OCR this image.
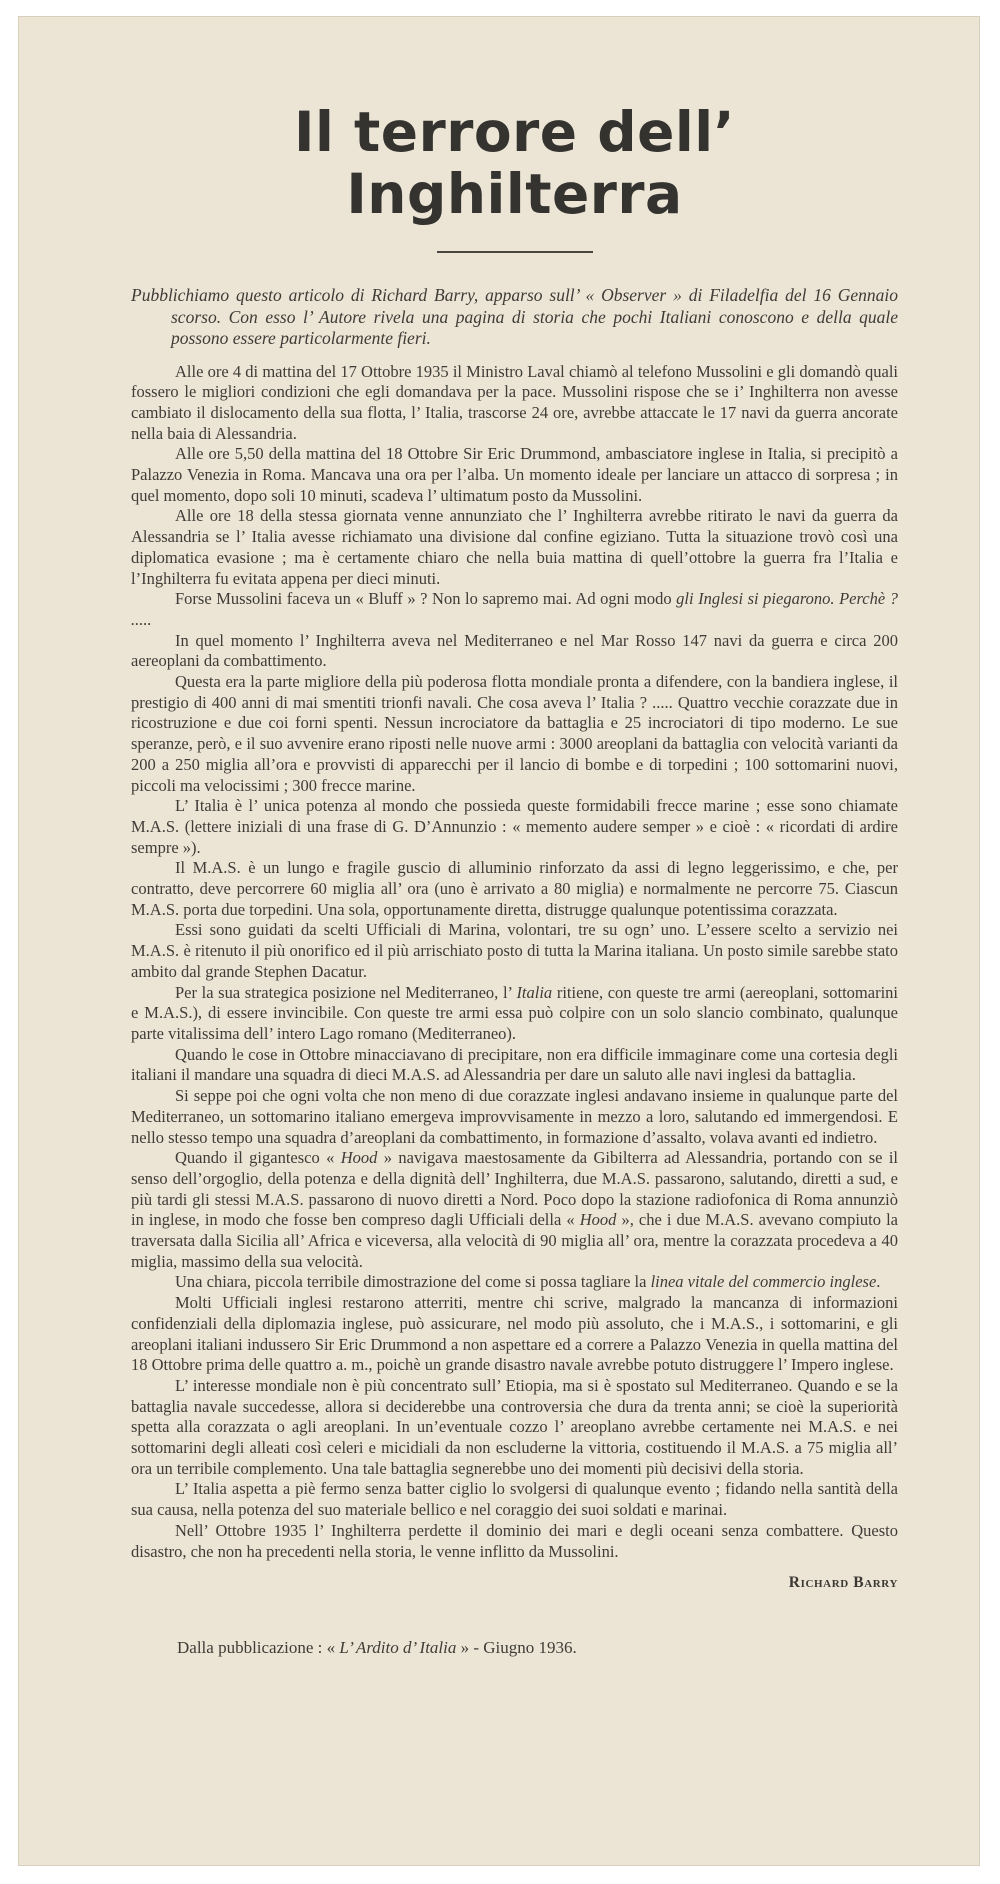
Il terrore dell’ Inghilterra

Pubblichiamo questo articolo di Richard Barry, apparso sull’ « Observer » di Filadelfia del 16 Gennaio scorso. Con esso l’ Autore rivela una pagina di storia che pochi Italiani conoscono e della quale possono essere particolarmente fieri.

Alle ore 4 di mattina del 17 Ottobre 1935 il Ministro Laval chiamò al telefono Mussolini e gli domandò quali fossero le migliori condizioni che egli domandava per la pace. Mussolini rispose che se i’ Inghilterra non avesse cambiato il dislocamento della sua flotta, l’ Italia, trascorse 24 ore, avrebbe attaccate le 17 navi da guerra ancorate nella baia di Alessandria.

Alle ore 5,50 della mattina del 18 Ottobre Sir Eric Drummond, ambasciatore inglese in Italia, si precipitò a Palazzo Venezia in Roma. Mancava una ora per l’alba. Un momento ideale per lanciare un attacco di sorpresa ; in quel momento, dopo soli 10 minuti, scadeva l’ ultimatum posto da Mussolini.

Alle ore 18 della stessa giornata venne annunziato che l’ Inghilterra avrebbe ritirato le navi da guerra da Alessandria se l’ Italia avesse richiamato una divisione dal confine egiziano. Tutta la situazione trovò così una diplomatica evasione ; ma è certamente chiaro che nella buia mattina di quell’ottobre la guerra fra l’Italia e l’Inghilterra fu evitata appena per dieci minuti.

Forse Mussolini faceva un « Bluff » ? Non lo sapremo mai. Ad ogni modo gli Inglesi si piegarono. Perchè ? .....

In quel momento l’ Inghilterra aveva nel Mediterraneo e nel Mar Rosso 147 navi da guerra e circa 200 aereoplani da combattimento.

Questa era la parte migliore della più poderosa flotta mondiale pronta a difendere, con la bandiera inglese, il prestigio di 400 anni di mai smentiti trionfi navali. Che cosa aveva l’ Italia ? ..... Quattro vecchie corazzate due in ricostruzione e due coi forni spenti. Nessun incrociatore da battaglia e 25 incrociatori di tipo moderno. Le sue speranze, però, e il suo avvenire erano riposti nelle nuove armi : 3000 areoplani da battaglia con velocità varianti da 200 a 250 miglia all’ora e provvisti di apparecchi per il lancio di bombe e di torpedini ; 100 sottomarini nuovi, piccoli ma velocissimi ; 300 frecce marine.

L’ Italia è l’ unica potenza al mondo che possieda queste formidabili frecce marine ; esse sono chiamate M.A.S. (lettere iniziali di una frase di G. D’Annunzio : « memento audere semper » e cioè : « ricordati di ardire sempre »).

Il M.A.S. è un lungo e fragile guscio di alluminio rinforzato da assi di legno leggerissimo, e che, per contratto, deve percorrere 60 miglia all’ ora (uno è arrivato a 80 miglia) e normalmente ne percorre 75. Ciascun M.A.S. porta due torpedini. Una sola, opportunamente diretta, distrugge qualunque potentissima corazzata.

Essi sono guidati da scelti Ufficiali di Marina, volontari, tre su ogn’ uno. L’essere scelto a servizio nei M.A.S. è ritenuto il più onorifico ed il più arrischiato posto di tutta la Marina italiana. Un posto simile sarebbe stato ambito dal grande Stephen Dacatur.

Per la sua strategica posizione nel Mediterraneo, l’ Italia ritiene, con queste tre armi (aereoplani, sottomarini e M.A.S.), di essere invincibile. Con queste tre armi essa può colpire con un solo slancio combinato, qualunque parte vitalissima dell’ intero Lago romano (Mediterraneo).

Quando le cose in Ottobre minacciavano di precipitare, non era difficile immaginare come una cortesia degli italiani il mandare una squadra di dieci M.A.S. ad Alessandria per dare un saluto alle navi inglesi da battaglia.

Si seppe poi che ogni volta che non meno di due corazzate inglesi andavano insieme in qualunque parte del Mediterraneo, un sottomarino italiano emergeva improvvisamente in mezzo a loro, salutando ed immergendosi. E nello stesso tempo una squadra d’areoplani da combattimento, in formazione d’assalto, volava avanti ed indietro.

Quando il gigantesco « Hood » navigava maestosamente da Gibilterra ad Alessandria, portando con se il senso dell’orgoglio, della potenza e della dignità dell’ Inghilterra, due M.A.S. passarono, salutando, diretti a sud, e più tardi gli stessi M.A.S. passarono di nuovo diretti a Nord. Poco dopo la stazione radiofonica di Roma annunziò in inglese, in modo che fosse ben compreso dagli Ufficiali della « Hood », che i due M.A.S. avevano compiuto la traversata dalla Sicilia all’ Africa e viceversa, alla velocità di 90 miglia all’ ora, mentre la corazzata procedeva a 40 miglia, massimo della sua velocità.

Una chiara, piccola terribile dimostrazione del come si possa tagliare la linea vitale del commercio inglese.

Molti Ufficiali inglesi restarono atterriti, mentre chi scrive, malgrado la mancanza di informazioni confidenziali della diplomazia inglese, può assicurare, nel modo più assoluto, che i M.A.S., i sottomarini, e gli areoplani italiani indussero Sir Eric Drummond a non aspettare ed a correre a Palazzo Venezia in quella mattina del 18 Ottobre prima delle quattro a. m., poichè un grande disastro navale avrebbe potuto distruggere l’ Impero inglese.

L’ interesse mondiale non è più concentrato sull’ Etiopia, ma si è spostato sul Mediterraneo. Quando e se la battaglia navale succedesse, allora si deciderebbe una controversia che dura da trenta anni; se cioè la superiorità spetta alla corazzata o agli areoplani. In un’eventuale cozzo l’ areoplano avrebbe certamente nei M.A.S. e nei sottomarini degli alleati così celeri e micidiali da non escluderne la vittoria, costituendo il M.A.S. a 75 miglia all’ ora un terribile complemento. Una tale battaglia segnerebbe uno dei momenti più decisivi della storia.

L’ Italia aspetta a piè fermo senza batter ciglio lo svolgersi di qualunque evento ; fidando nella santità della sua causa, nella potenza del suo materiale bellico e nel coraggio dei suoi soldati e marinai.

Nell’ Ottobre 1935 l’ Inghilterra perdette il dominio dei mari e degli oceani senza combattere. Questo disastro, che non ha precedenti nella storia, le venne inflitto da Mussolini.

Richard Barry
Dalla pubblicazione : « L’ Ardito d’ Italia » - Giugno 1936.
